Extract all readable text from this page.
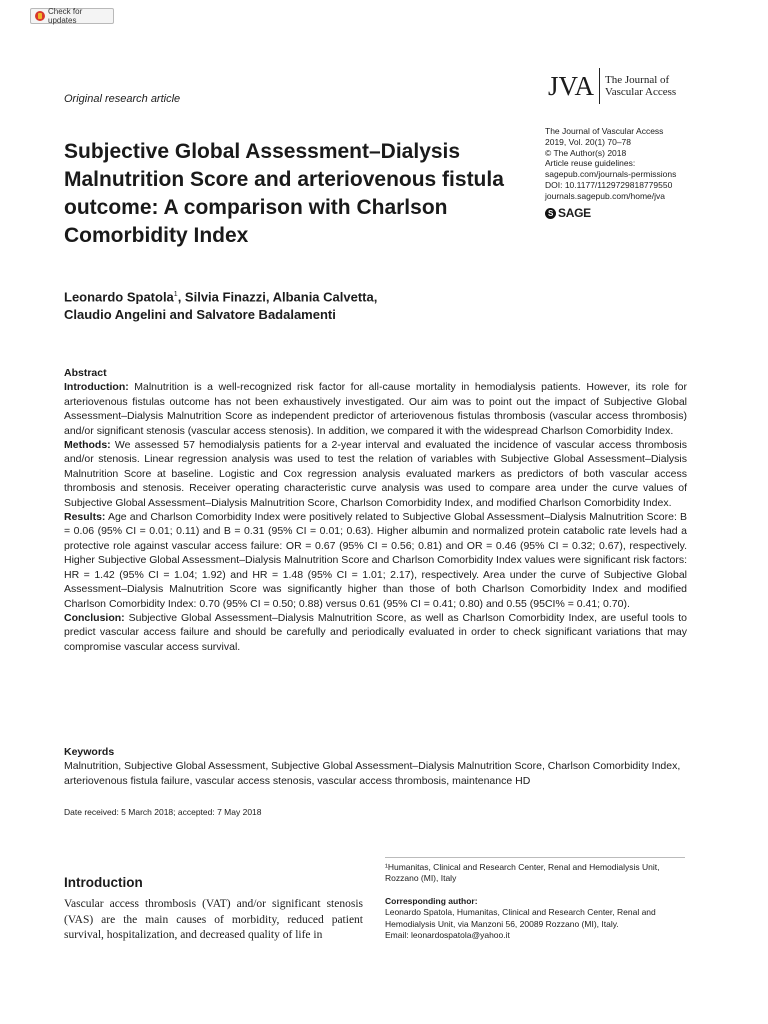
Check for updates
Original research article	JVA	The Journal of Vascular Access
Subjective Global Assessment–Dialysis Malnutrition Score and arteriovenous fistula outcome: A comparison with Charlson Comorbidity Index
The Journal of Vascular Access
2019, Vol. 20(1) 70–78
© The Author(s) 2018
Article reuse guidelines:
sagepub.com/journals-permissions
DOI: 10.1177/1129729818779550
journals.sagepub.com/home/jva
S SAGE
Leonardo Spatola$^1$, Silvia Finazzi, Albania Calvetta,
Claudio Angelini and Salvatore Badalamenti
Abstract

Introduction: Malnutrition is a well-recognized risk factor for all-cause mortality in hemodialysis patients. However, its role for arteriovenous fistulas outcome has not been exhaustively investigated. Our aim was to point out the impact of Subjective Global Assessment–Dialysis Malnutrition Score as independent predictor of arteriovenous fistulas thrombosis (vascular access thrombosis) and/or significant stenosis (vascular access stenosis). In addition, we compared it with the widespread Charlson Comorbidity Index.

Methods: We assessed 57 hemodialysis patients for a 2-year interval and evaluated the incidence of vascular access thrombosis and/or stenosis. Linear regression analysis was used to test the relation of variables with Subjective Global Assessment–Dialysis Malnutrition Score at baseline. Logistic and Cox regression analysis evaluated markers as predictors of both vascular access thrombosis and stenosis. Receiver operating characteristic curve analysis was used to compare area under the curve values of Subjective Global Assessment–Dialysis Malnutrition Score, Charlson Comorbidity Index, and modified Charlson Comorbidity Index.

Results: Age and Charlson Comorbidity Index were positively related to Subjective Global Assessment–Dialysis Malnutrition Score: B = 0.06 (95% CI = 0.01; 0.11) and B = 0.31 (95% CI = 0.01; 0.63). Higher albumin and normalized protein catabolic rate levels had a protective role against vascular access failure: OR = 0.67 (95% CI = 0.56; 0.81) and OR = 0.46 (95% CI = 0.32; 0.67), respectively. Higher Subjective Global Assessment–Dialysis Malnutrition Score and Charlson Comorbidity Index values were significant risk factors: HR = 1.42 (95% CI = 1.04; 1.92) and HR = 1.48 (95% CI = 1.01; 2.17), respectively. Area under the curve of Subjective Global Assessment–Dialysis Malnutrition Score was significantly higher than those of both Charlson Comorbidity Index and modified Charlson Comorbidity Index: 0.70 (95% CI = 0.50; 0.88) versus 0.61 (95% CI = 0.41; 0.80) and 0.55 (95CI% = 0.41; 0.70).

Conclusion: Subjective Global Assessment–Dialysis Malnutrition Score, as well as Charlson Comorbidity Index, are useful tools to predict vascular access failure and should be carefully and periodically evaluated in order to check significant variations that may compromise vascular access survival.

Keywords

Malnutrition, Subjective Global Assessment, Subjective Global Assessment–Dialysis Malnutrition Score, Charlson Comorbidity Index, arteriovenous fistula failure, vascular access stenosis, vascular access thrombosis, maintenance HD

Date received: 5 March 2018; accepted: 7 May 2018
¹Humanitas, Clinical and Research Center, Renal and Hemodialysis Unit, Rozzano (MI), Italy
Corresponding author:
Leonardo Spatola, Humanitas, Clinical and Research Center, Renal and Hemodialysis Unit, via Manzoni 56, 20089 Rozzano (MI), Italy.
Email: leonardospatola@yahoo.it
Introduction

Vascular access thrombosis (VAT) and/or significant stenosis (VAS) are the main causes of morbidity, reduced patient survival, hospitalization, and decreased quality of life in
